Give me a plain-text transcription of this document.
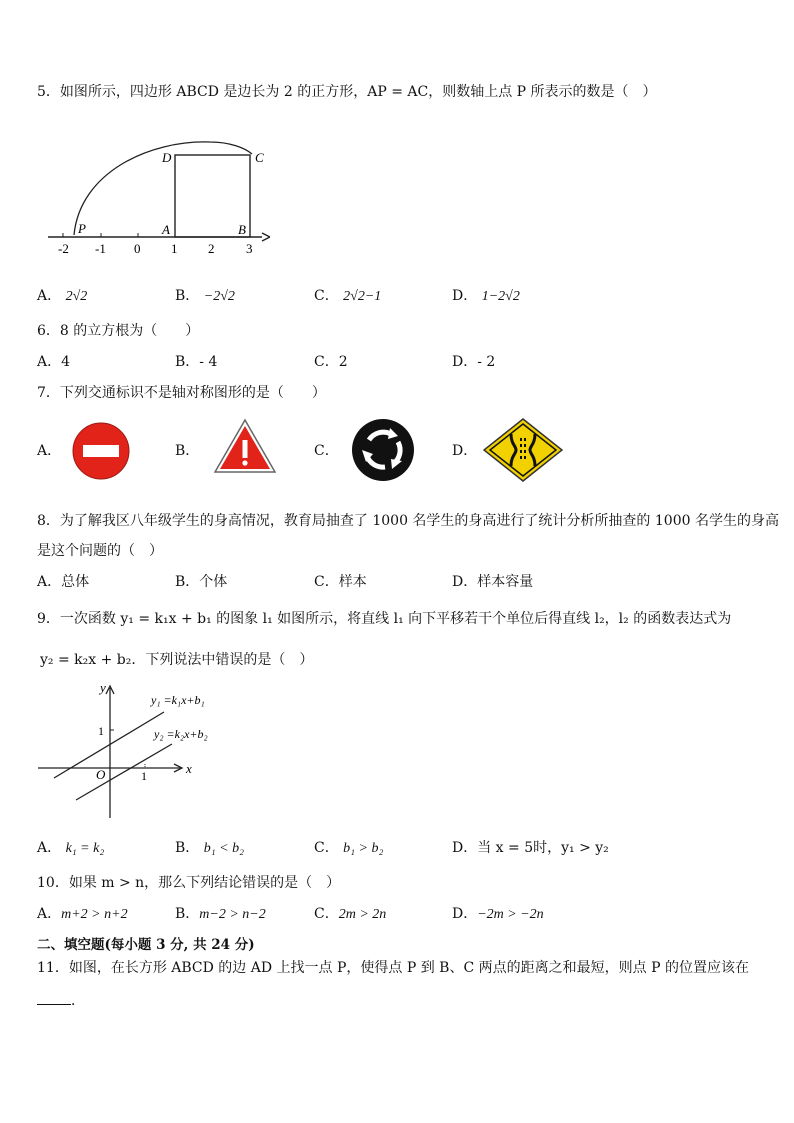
5．如图所示，四边形 ABCD 是边长为 2 的正方形，AP = AC，则数轴上点 P 所表示的数是（　）
-2 -1 0 1 2 3
P	A	B
C
D
A． 2√2	B． −2√2	C． 2√2−1	D． 1−2√2
6．8 的立方根为（　　）
A．4	B．- 4	C．2	D．- 2
7．下列交通标识不是轴对称图形的是（　　）
A．	B．	C．	D．
8．为了解我区八年级学生的身高情况，教育局抽查了 1000 名学生的身高进行了统计分析所抽查的 1000 名学生的身高
是这个问题的（　）
A．总体	B．个体	C．样本	D．样本容量
9．一次函数 y₁ = k₁x + b₁ 的图象 l₁ 如图所示，将直线 l₁ 向下平移若干个单位后得直线 l₂，l₂ 的函数表达式为
y₂ = k₂x + b₂．下列说法中错误的是（　）
y
x
O	1
1
y₁ =k₁x+b₁
y₂ =k₂x+b₂
A． k₁ = k₂	B． b₁ < b₂	C． b₁ > b₂	D．当 x = 5时，y₁ > y₂
10．如果 m > n，那么下列结论错误的是（　）
A．m+2 > n+2	B．m−2 > n−2	C．2m > 2n	D．−2m > −2n
二、填空题(每小题 3 分, 共 24 分)
11．如图，在长方形 ABCD 的边 AD 上找一点 P，使得点 P 到 B、C 两点的距离之和最短，则点 P 的位置应该在
．
